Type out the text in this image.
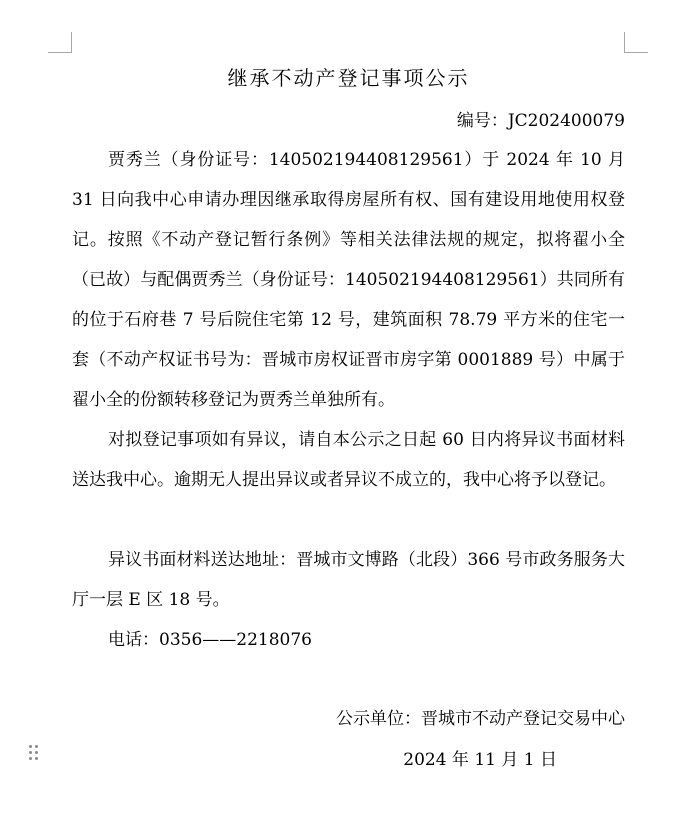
继承不动产登记事项公示
编号：JC202400079

贾秀兰（身份证号：140502194408129561）于 2024 年 10 月 31 日向我中心申请办理因继承取得房屋所有权、国有建设用地使用权登记。按照《不动产登记暂行条例》等相关法律法规的规定，拟将翟小全（已故）与配偶贾秀兰（身份证号：140502194408129561）共同所有的位于石府巷 7 号后院住宅第 12 号，建筑面积 78.79 平方米的住宅一套（不动产权证书号为：晋城市房权证晋市房字第 0001889 号）中属于翟小全的份额转移登记为贾秀兰单独所有。

对拟登记事项如有异议，请自本公示之日起 60 日内将异议书面材料送达我中心。逾期无人提出异议或者异议不成立的，我中心将予以登记。

异议书面材料送达地址：晋城市文博路（北段）366 号市政务服务大厅一层 E 区 18 号。

电话：0356——2218076

公示单位：晋城市不动产登记交易中心
2024 年 11 月 1 日
